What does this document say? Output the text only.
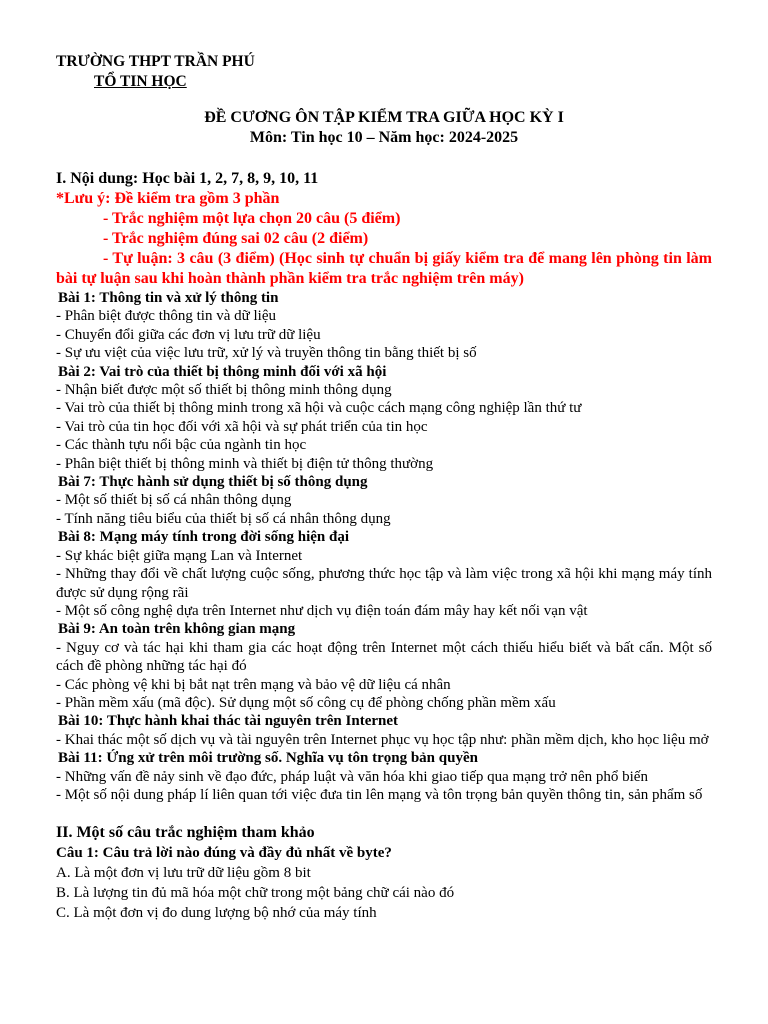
TRƯỜNG THPT TRẦN PHÚ

TỔ TIN HỌC

ĐỀ CƯƠNG ÔN TẬP KIỂM TRA GIỮA HỌC KỲ I

Môn: Tin học 10 – Năm học: 2024-2025

I. Nội dung: Học bài 1, 2, 7, 8, 9, 10, 11

*Lưu ý: Đề kiểm tra gồm 3 phần

- Trắc nghiệm một lựa chọn 20 câu (5 điểm)

- Trắc nghiệm đúng sai 02 câu (2 điểm)

- Tự luận: 3 câu (3 điểm) (Học sinh tự chuẩn bị giấy kiểm tra để mang lên phòng tin làm bài tự luận sau khi hoàn thành phần kiểm tra trắc nghiệm trên máy)

Bài 1: Thông tin và xử lý thông tin

- Phân biệt được thông tin và dữ liệu

- Chuyển đổi giữa các đơn vị lưu trữ dữ liệu

- Sự ưu việt của việc lưu trữ, xử lý và truyền thông tin bằng thiết bị số

Bài 2: Vai trò của thiết bị thông minh đối với xã hội

- Nhận biết được một số thiết bị thông minh thông dụng

- Vai trò của thiết bị thông minh trong xã hội và cuộc cách mạng công nghiệp lần thứ tư

- Vai trò của tin học đối với xã hội và sự phát triển của tin học

- Các thành tựu nổi bậc của ngành tin học

- Phân biệt thiết bị thông minh và thiết bị điện tử thông thường

Bài 7: Thực hành sử dụng thiết bị số thông dụng

- Một số thiết bị số cá nhân thông dụng

- Tính năng tiêu biểu của thiết bị số cá nhân thông dụng

Bài 8: Mạng máy tính trong đời sống hiện đại

- Sự khác biệt giữa mạng Lan và Internet

- Những thay đổi về chất lượng cuộc sống, phương thức học tập và làm việc trong xã hội khi mạng máy tính được sử dụng rộng rãi

- Một số công nghệ dựa trên Internet như dịch vụ điện toán đám mây hay kết nối vạn vật

Bài 9: An toàn trên không gian mạng

- Nguy cơ và tác hại khi tham gia các hoạt động trên Internet một cách thiếu hiểu biết và bất cẩn. Một số cách đề phòng những tác hại đó

- Các phòng vệ khi bị bắt nạt trên mạng và bảo vệ dữ liệu cá nhân

- Phần mềm xấu (mã độc). Sử dụng một số công cụ để phòng chống phần mềm xấu

Bài 10: Thực hành khai thác tài nguyên trên Internet

- Khai thác một số dịch vụ và tài nguyên trên Internet phục vụ học tập như: phần mềm dịch, kho học liệu mở

Bài 11: Ứng xử trên môi trường số. Nghĩa vụ tôn trọng bản quyền

- Những vấn đề nảy sinh về đạo đức, pháp luật và văn hóa khi giao tiếp qua mạng trở nên phổ biến

- Một số nội dung pháp lí liên quan tới việc đưa tin lên mạng và tôn trọng bản quyền thông tin, sản phẩm số

II. Một số câu trắc nghiệm tham khảo

Câu 1: Câu trả lời nào đúng và đầy đủ nhất về byte?

A. Là một đơn vị lưu trữ dữ liệu gồm 8 bit

B. Là lượng tin đủ mã hóa một chữ trong một bảng chữ cái nào đó

C. Là một đơn vị đo dung lượng bộ nhớ của máy tính
